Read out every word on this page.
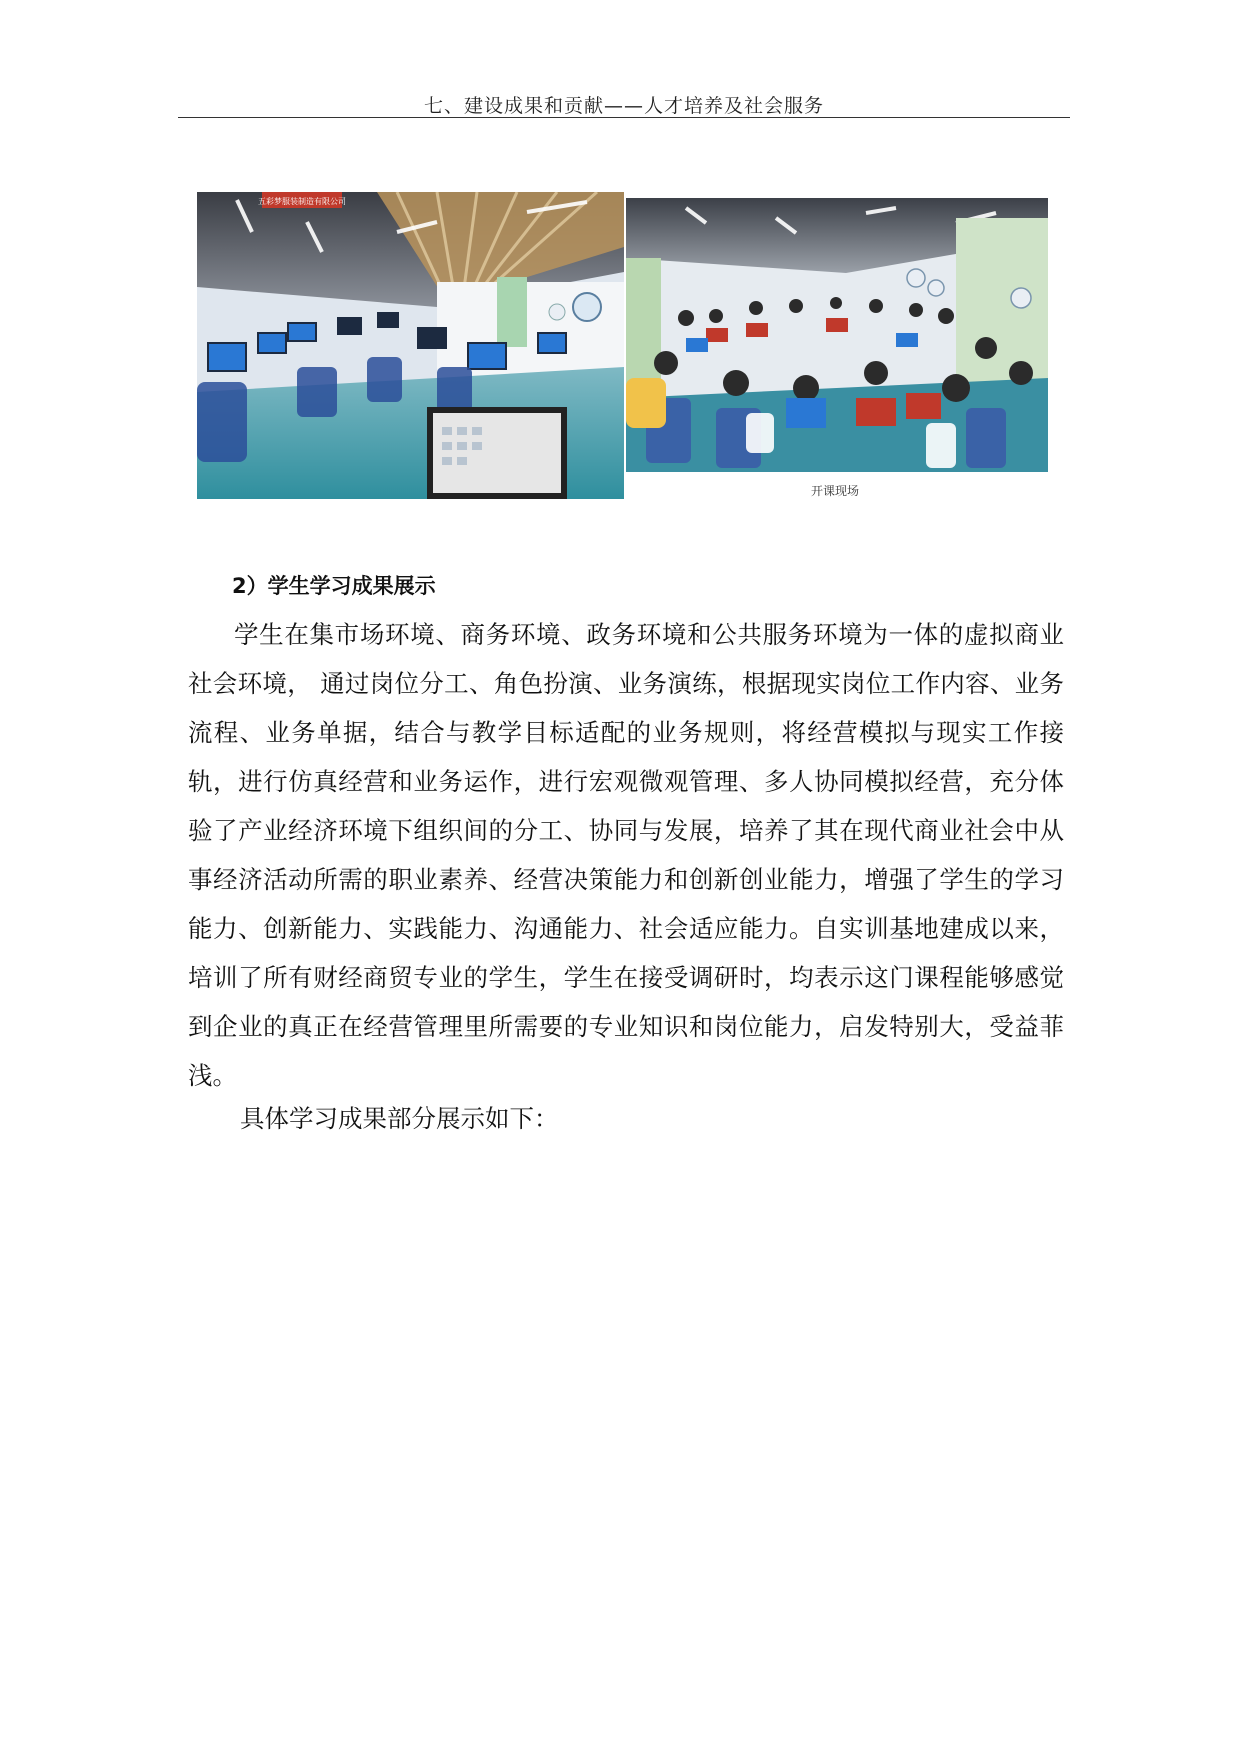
七、建设成果和贡献——人才培养及社会服务
五彩梦服装制造有限公司
开课现场
2）学生学习成果展示

学生在集市场环境、商务环境、政务环境和公共服务环境为一体的虚拟商业社会环境， 通过岗位分工、角色扮演、业务演练，根据现实岗位工作内容、业务流程、业务单据，结合与教学目标适配的业务规则，将经营模拟与现实工作接轨，进行仿真经营和业务运作，进行宏观微观管理、多人协同模拟经营，充分体验了产业经济环境下组织间的分工、协同与发展，培养了其在现代商业社会中从事经济活动所需的职业素养、经营决策能力和创新创业能力，增强了学生的学习能力、创新能力、实践能力、沟通能力、社会适应能力。自实训基地建成以来，培训了所有财经商贸专业的学生，学生在接受调研时，均表示这门课程能够感觉到企业的真正在经营管理里所需要的专业知识和岗位能力，启发特别大，受益菲浅。

具体学习成果部分展示如下：
